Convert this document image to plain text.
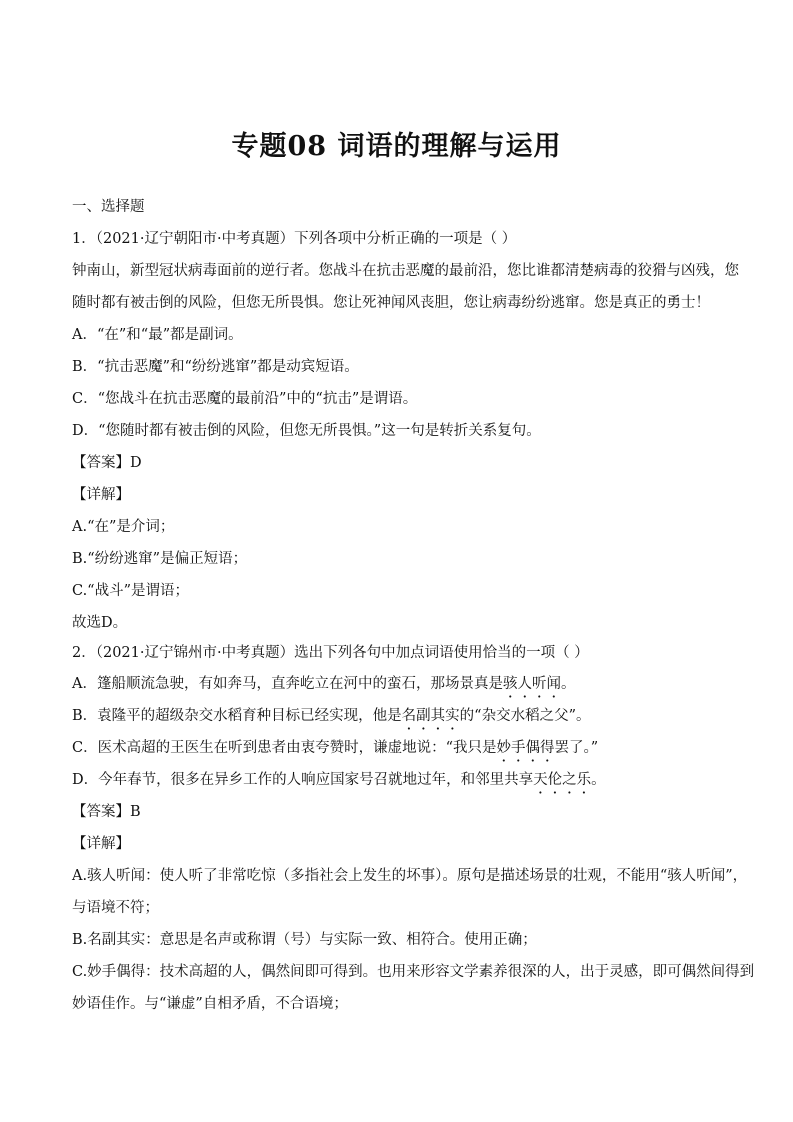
专题08 词语的理解与运用
一、选择题
1．（2021·辽宁朝阳市·中考真题）下列各项中分析正确的一项是（ ）
钟南山，新型冠状病毒面前的逆行者。您战斗在抗击恶魔的最前沿，您比谁都清楚病毒的狡猾与凶残，您
随时都有被击倒的风险，但您无所畏惧。您让死神闻风丧胆，您让病毒纷纷逃窜。您是真正的勇士！
A．“在”和“最”都是副词。
B．“抗击恶魔”和“纷纷逃窜”都是动宾短语。
C．“您战斗在抗击恶魔的最前沿”中的“抗击”是谓语。
D．“您随时都有被击倒的风险，但您无所畏惧。”这一句是转折关系复句。
【答案】D
【详解】
A.“在”是介词；
B.“纷纷逃窜”是偏正短语；
C.“战斗”是谓语；
故选D。
2．（2021·辽宁锦州市·中考真题）选出下列各句中加点词语使用恰当的一项（ ）
A．篷船顺流急驶，有如奔马，直奔屹立在河中的蛮石，那场景真是骇人听闻。
B．袁隆平的超级杂交水稻育种目标已经实现，他是名副其实的“杂交水稻之父”。
C．医术高超的王医生在听到患者由衷夸赞时，谦虚地说：“我只是妙手偶得罢了。”
D．今年春节，很多在异乡工作的人响应国家号召就地过年，和邻里共享天伦之乐。
【答案】B
【详解】
A.骇人听闻：使人听了非常吃惊（多指社会上发生的坏事）。原句是描述场景的壮观，不能用“骇人听闻”，
与语境不符；
B.名副其实：意思是名声或称谓（号）与实际一致、相符合。使用正确；
C.妙手偶得：技术高超的人，偶然间即可得到。也用来形容文学素养很深的人，出于灵感，即可偶然间得到
妙语佳作。与“谦虚”自相矛盾，不合语境；
